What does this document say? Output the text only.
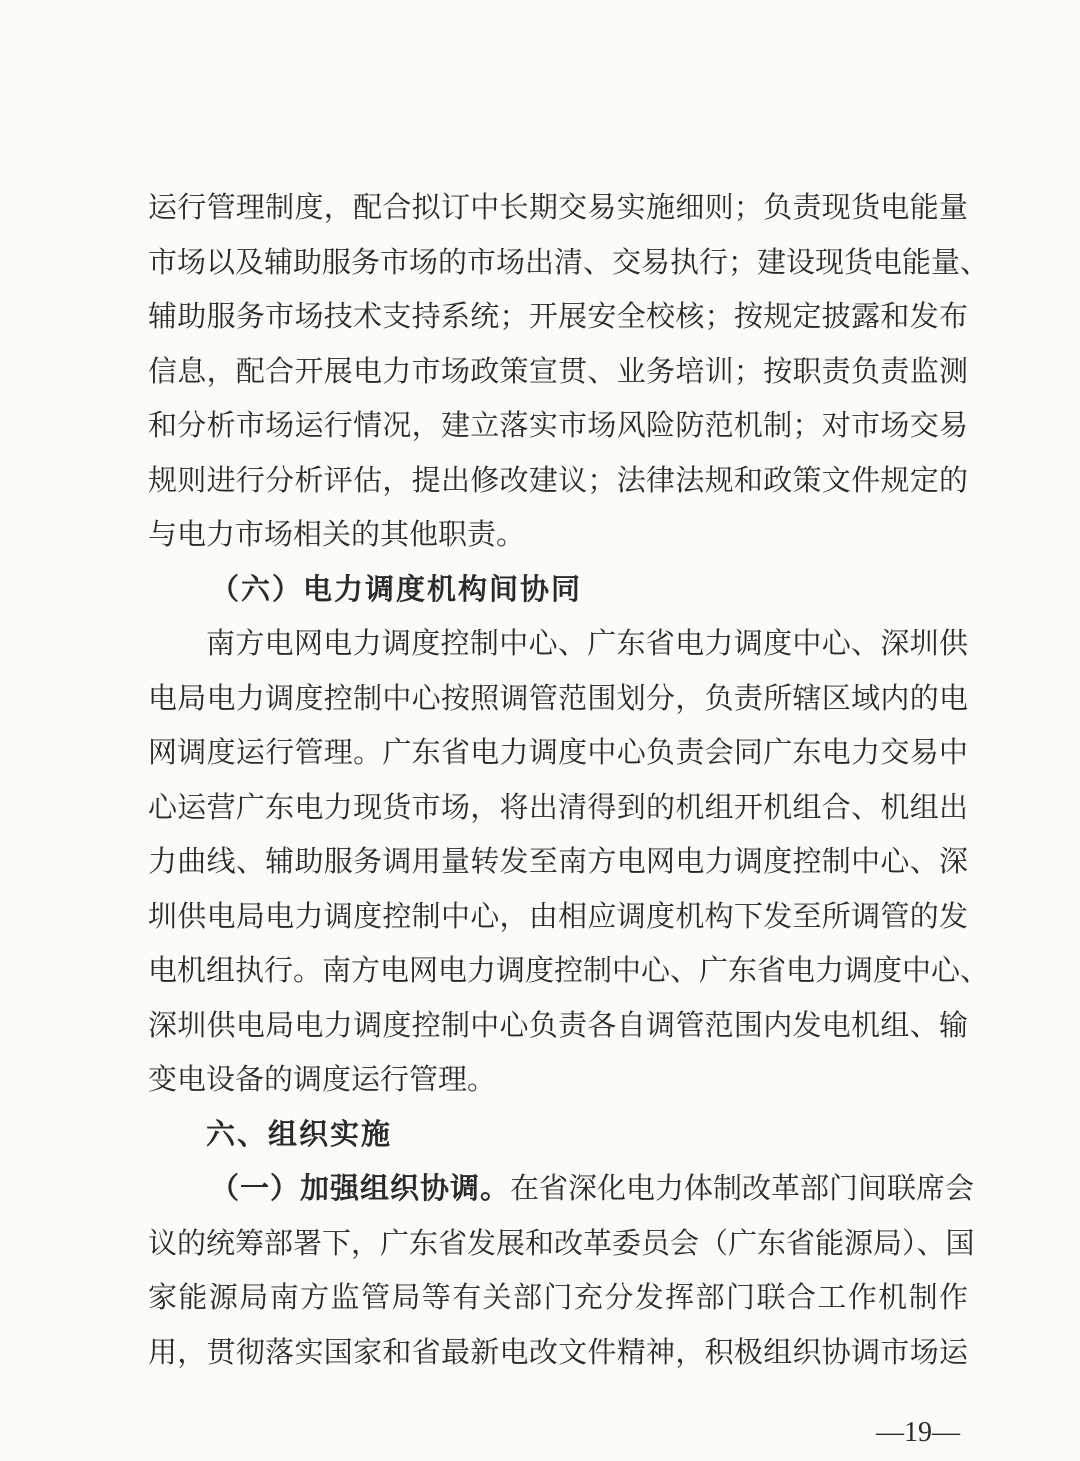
运行管理制度，配合拟订中长期交易实施细则；负责现货电能量
市场以及辅助服务市场的市场出清、交易执行；建设现货电能量、
辅助服务市场技术支持系统；开展安全校核；按规定披露和发布
信息，配合开展电力市场政策宣贯、业务培训；按职责负责监测
和分析市场运行情况，建立落实市场风险防范机制；对市场交易
规则进行分析评估，提出修改建议；法律法规和政策文件规定的
与电力市场相关的其他职责。
（六）电力调度机构间协同
南方电网电力调度控制中心、广东省电力调度中心、深圳供
电局电力调度控制中心按照调管范围划分，负责所辖区域内的电
网调度运行管理。广东省电力调度中心负责会同广东电力交易中
心运营广东电力现货市场，将出清得到的机组开机组合、机组出
力曲线、辅助服务调用量转发至南方电网电力调度控制中心、深
圳供电局电力调度控制中心，由相应调度机构下发至所调管的发
电机组执行。南方电网电力调度控制中心、广东省电力调度中心、
深圳供电局电力调度控制中心负责各自调管范围内发电机组、输
变电设备的调度运行管理。
六、组织实施
（一）加强组织协调。在省深化电力体制改革部门间联席会
议的统筹部署下，广东省发展和改革委员会（广东省能源局）、国
家能源局南方监管局等有关部门充分发挥部门联合工作机制作
用，贯彻落实国家和省最新电改文件精神，积极组织协调市场运
—19—
